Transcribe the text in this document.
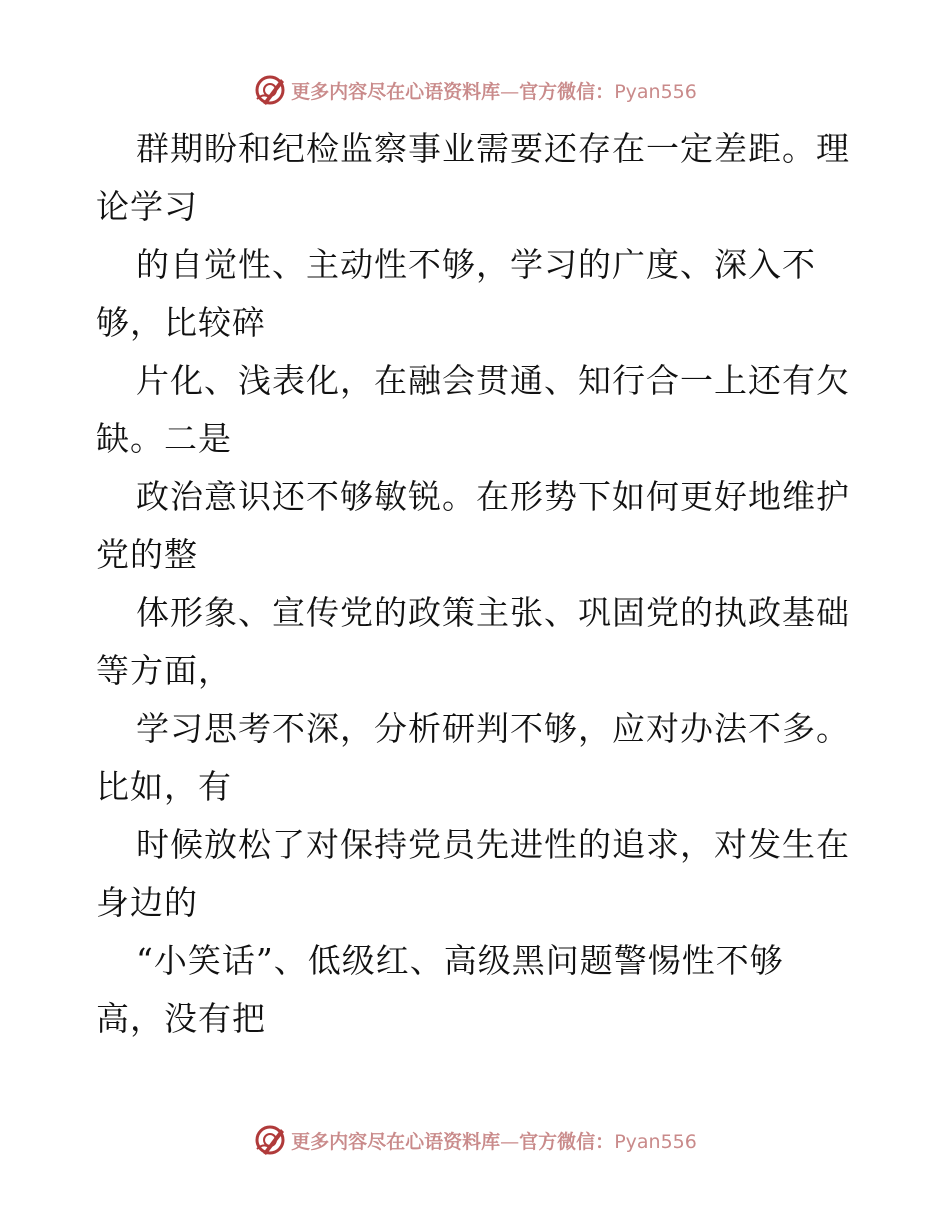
更多内容尽在心语资料库—官方微信：Pyan556
群期盼和纪检监察事业需要还存在一定差距。理
论学习
的自觉性、主动性不够，学习的广度、深入不
够，比较碎
片化、浅表化，在融会贯通、知行合一上还有欠
缺。二是
政治意识还不够敏锐。在形势下如何更好地维护
党的整
体形象、宣传党的政策主张、巩固党的执政基础
等方面，
学习思考不深，分析研判不够，应对办法不多。
比如，有
时候放松了对保持党员先进性的追求，对发生在
身边的
“小笑话”、低级红、高级黑问题警惕性不够
高，没有把
更多内容尽在心语资料库—官方微信：Pyan556
